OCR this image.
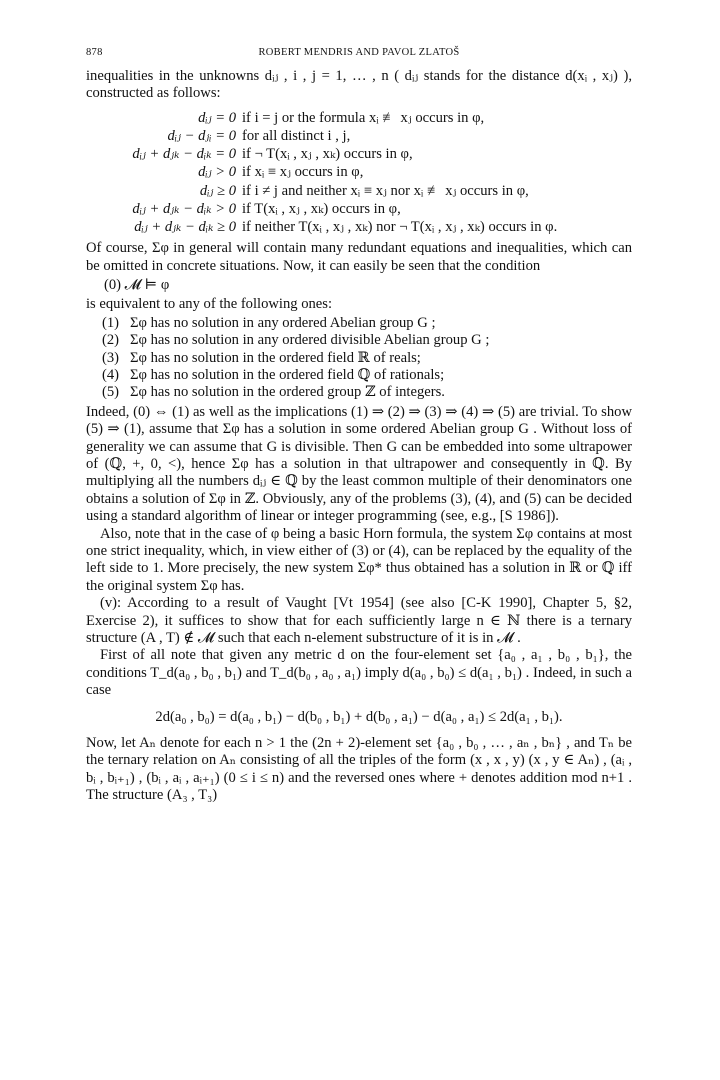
878	ROBERT MENDRIS AND PAVOL ZLATOŠ

inequalities in the unknowns dᵢⱼ , i , j = 1, … , n ( dᵢⱼ stands for the distance d(xᵢ , xⱼ) ), constructed as follows:

dᵢⱼ = 0 if i = j or the formula xᵢ ≢ xⱼ occurs in φ,
dᵢⱼ − dⱼᵢ = 0 for all distinct i , j,
dᵢⱼ + dⱼₖ − dᵢₖ = 0 if ¬ T(xᵢ , xⱼ , xₖ) occurs in φ,
dᵢⱼ > 0 if xᵢ ≡ xⱼ occurs in φ,
dᵢⱼ ≥ 0 if i ≠ j and neither xᵢ ≡ xⱼ nor xᵢ ≢ xⱼ occurs in φ,
dᵢⱼ + dⱼₖ − dᵢₖ > 0 if T(xᵢ , xⱼ , xₖ) occurs in φ,
dᵢⱼ + dⱼₖ − dᵢₖ ≥ 0 if neither T(xᵢ , xⱼ , xₖ) nor ¬ T(xᵢ , xⱼ , xₖ) occurs in φ.

Of course, Σφ in general will contain many redundant equations and inequalities, which can be omitted in concrete situations. Now, it can easily be seen that the condition

(0) 𝓜 ⊨ φ

is equivalent to any of the following ones:

(1) Σφ has no solution in any ordered Abelian group G ;
(2) Σφ has no solution in any ordered divisible Abelian group G ;
(3) Σφ has no solution in the ordered field ℝ of reals;
(4) Σφ has no solution in the ordered field ℚ of rationals;
(5) Σφ has no solution in the ordered group ℤ of integers.

Indeed, (0) ⇔ (1) as well as the implications (1) ⇒ (2) ⇒ (3) ⇒ (4) ⇒ (5) are trivial. To show (5) ⇒ (1), assume that Σφ has a solution in some ordered Abelian group G . Without loss of generality we can assume that G is divisible. Then G can be embedded into some ultrapower of (ℚ, +, 0, <), hence Σφ has a solution in that ultrapower and consequently in ℚ. By multiplying all the numbers dᵢⱼ ∈ ℚ by the least common multiple of their denominators one obtains a solution of Σφ in ℤ. Obviously, any of the problems (3), (4), and (5) can be decided using a standard algorithm of linear or integer programming (see, e.g., [S 1986]).

Also, note that in the case of φ being a basic Horn formula, the system Σφ contains at most one strict inequality, which, in view either of (3) or (4), can be replaced by the equality of the left side to 1. More precisely, the new system Σφ* thus obtained has a solution in ℝ or ℚ iff the original system Σφ has.

(v): According to a result of Vaught [Vt 1954] (see also [C-K 1990], Chapter 5, §2, Exercise 2), it suffices to show that for each sufficiently large n ∈ ℕ there is a ternary structure (A , T) ∉ 𝓜 such that each n-element substructure of it is in 𝓜 .

First of all note that given any metric d on the four-element set {a₀ , a₁ , b₀ , b₁}, the conditions T_d(a₀ , b₀ , b₁) and T_d(b₀ , a₀ , a₁) imply d(a₀ , b₀) ≤ d(a₁ , b₁) . Indeed, in such a case

2d(a₀ , b₀) = d(a₀ , b₁) − d(b₀ , b₁) + d(b₀ , a₁) − d(a₀ , a₁) ≤ 2d(a₁ , b₁).

Now, let Aₙ denote for each n > 1 the (2n + 2)-element set {a₀ , b₀ , … , aₙ , bₙ} , and Tₙ be the ternary relation on Aₙ consisting of all the triples of the form (x , x , y) (x , y ∈ Aₙ) , (aᵢ , bᵢ , bᵢ₊₁) , (bᵢ , aᵢ , aᵢ₊₁) (0 ≤ i ≤ n) and the reversed ones where + denotes addition mod n+1 . The structure (A₃ , T₃)
